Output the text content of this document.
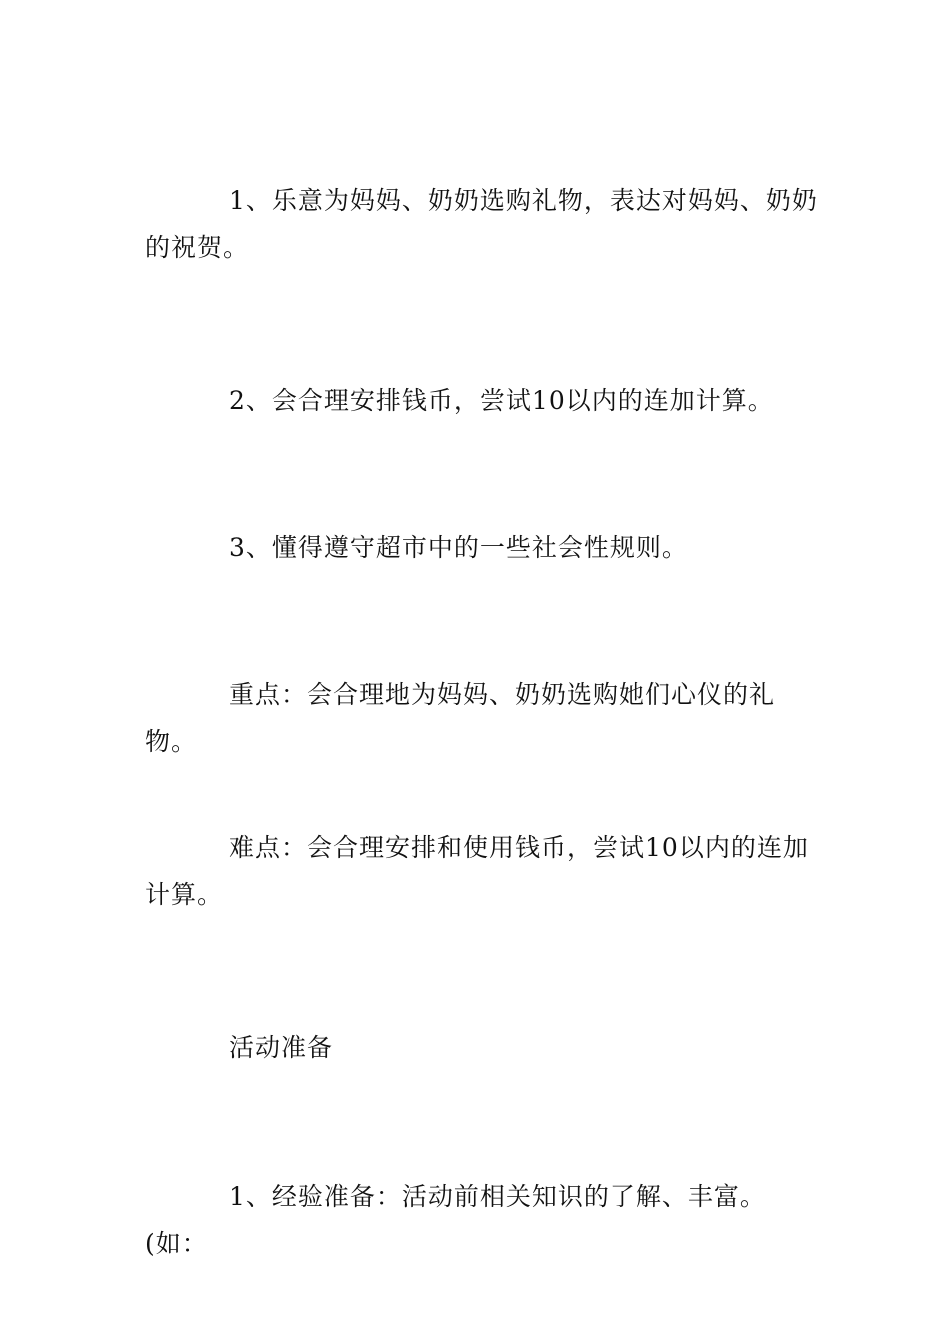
1、乐意为妈妈、奶奶选购礼物，表达对妈妈、奶奶的祝贺。

2、会合理安排钱币，尝试10以内的连加计算。

3、懂得遵守超市中的一些社会性规则。

重点：会合理地为妈妈、奶奶选购她们心仪的礼物。

难点：会合理安排和使用钱币，尝试10以内的连加计算。

活动准备

1、经验准备：活动前相关知识的了解、丰富。(如：
